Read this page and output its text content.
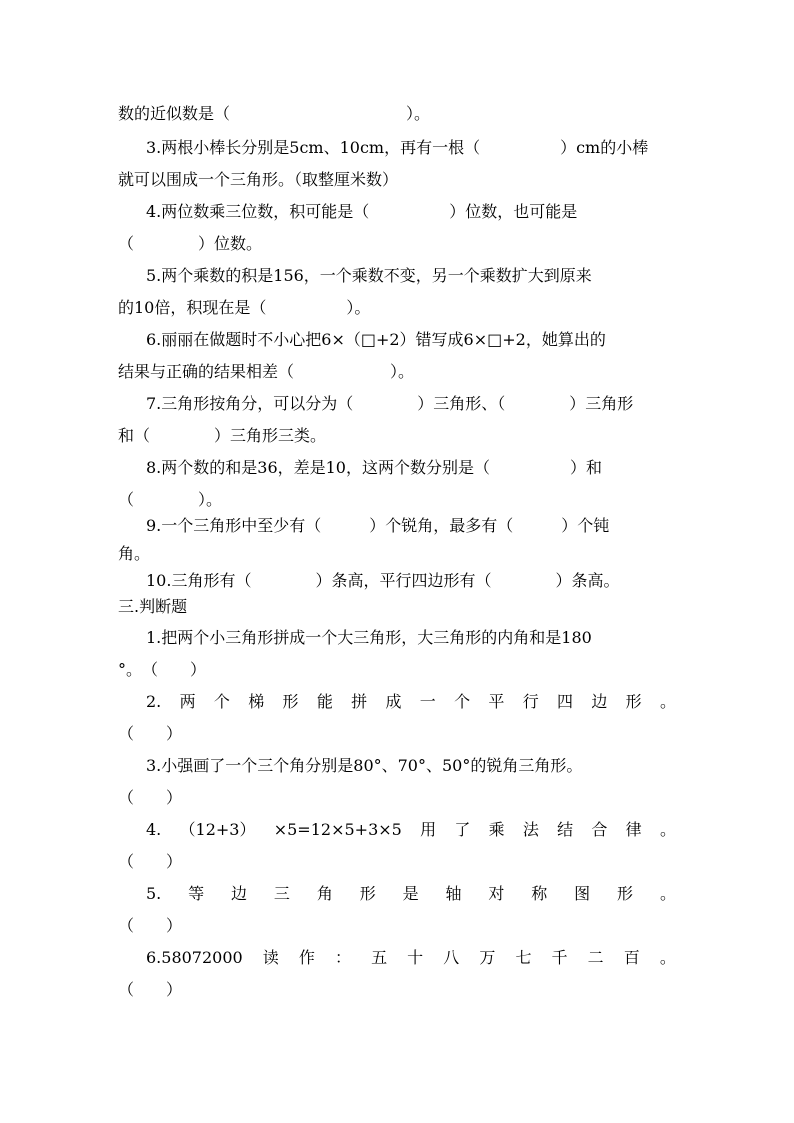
数的近似数是（　　　　　　　　　　　）。
3.两根小棒长分别是5cm、10cm，再有一根（　　　　　）cm的小棒
就可以围成一个三角形。（取整厘米数）
4.两位数乘三位数，积可能是（　　　　　）位数，也可能是
（　　　　）位数。
5.两个乘数的积是156，一个乘数不变，另一个乘数扩大到原来
的10倍，积现在是（　　　　　）。
6.丽丽在做题时不小心把6×（□+2）错写成6×□+2，她算出的
结果与正确的结果相差（　　　　　　）。
7.三角形按角分，可以分为（　　　　）三角形、（　　　　）三角形
和（　　　　）三角形三类。
8.两个数的和是36，差是10，这两个数分别是（　　　　　）和
（　　　　）。
9.一个三角形中至少有（　　　）个锐角，最多有（　　　）个钝
角。
10.三角形有（　　　　）条高，平行四边形有（　　　　）条高。
三.判断题
1.把两个小三角形拼成一个大三角形，大三角形的内角和是180
°。　（　　）
2. 两 个 梯 形 能 拼 成 一 个 平 行 四 边 形 。
（　　）
3.小强画了一个三个角分别是80°、70°、50°的锐角三角形。
（　　）
4. （12+3） ×5=12×5+3×5 用 了 乘 法 结 合 律 。
（　　）
5. 等 边 三 角 形 是 轴 对 称 图 形 。
（　　）
6.58072000 读 作 ： 五 十 八 万 七 千 二 百 。
（　　）
